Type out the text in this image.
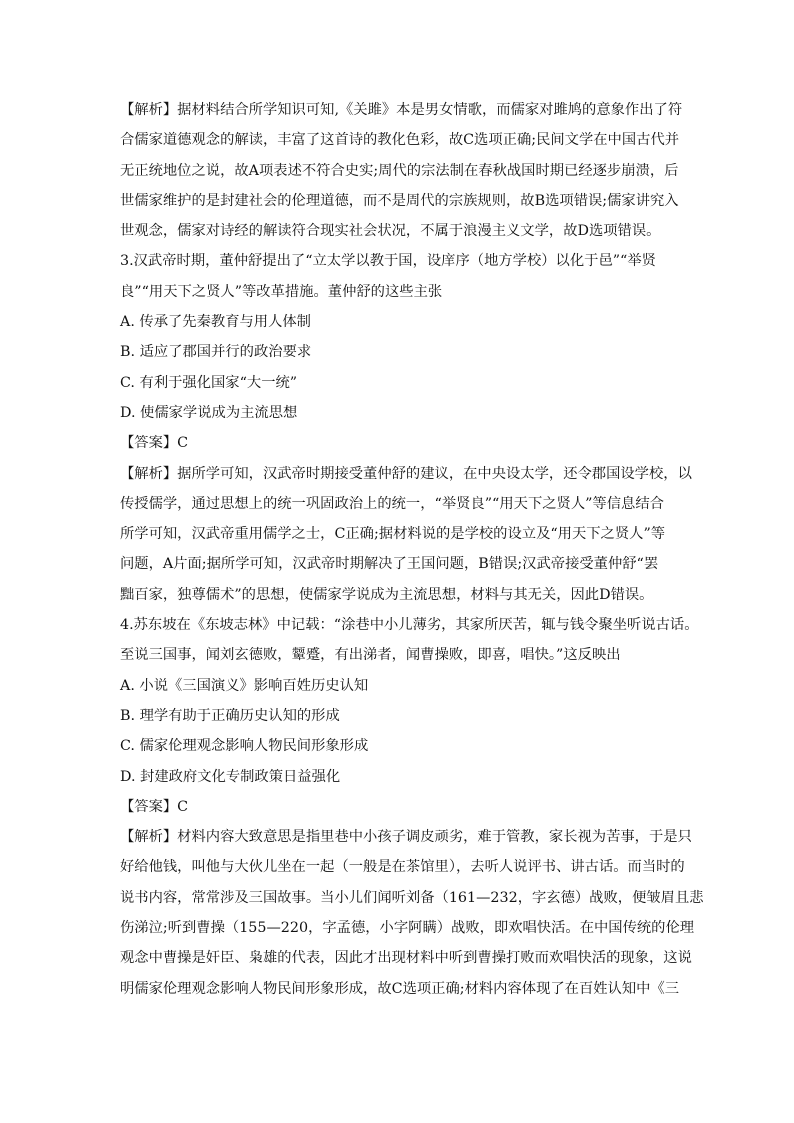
【解析】据材料结合所学知识可知,《关雎》本是男女情歌，而儒家对雎鸠的意象作出了符
合儒家道德观念的解读，丰富了这首诗的教化色彩，故C选项正确;民间文学在中国古代并
无正统地位之说，故A项表述不符合史实;周代的宗法制在春秋战国时期已经逐步崩溃，后
世儒家维护的是封建社会的伦理道德，而不是周代的宗族规则，故B选项错误;儒家讲究入
世观念，儒家对诗经的解读符合现实社会状况，不属于浪漫主义文学，故D选项错误。
3.汉武帝时期，董仲舒提出了“立太学以教于国，设庠序（地方学校）以化于邑”“举贤
良”“用天下之贤人”等改革措施。董仲舒的这些主张
A. 传承了先秦教育与用人体制
B. 适应了郡国并行的政治要求
C. 有利于强化国家“大一统”
D. 使儒家学说成为主流思想
【答案】C
【解析】据所学可知，汉武帝时期接受董仲舒的建议，在中央设太学，还令郡国设学校，以
传授儒学，通过思想上的统一巩固政治上的统一，“举贤良”“用天下之贤人”等信息结合
所学可知，汉武帝重用儒学之士，C正确;据材料说的是学校的设立及“用天下之贤人”等
问题，A片面;据所学可知，汉武帝时期解决了王国问题，B错误;汉武帝接受董仲舒“罢
黜百家，独尊儒术”的思想，使儒家学说成为主流思想，材料与其无关，因此D错误。
4.苏东坡在《东坡志林》中记载：“涂巷中小儿薄劣，其家所厌苦，辄与钱令聚坐听说古话。
至说三国事，闻刘玄德败，颦蹙，有出涕者，闻曹操败，即喜，唱快。”这反映出
A. 小说《三国演义》影响百姓历史认知
B. 理学有助于正确历史认知的形成
C. 儒家伦理观念影响人物民间形象形成
D. 封建政府文化专制政策日益强化
【答案】C
【解析】材料内容大致意思是指里巷中小孩子调皮顽劣，难于管教，家长视为苦事，于是只
好给他钱，叫他与大伙儿坐在一起（一般是在茶馆里），去听人说评书、讲古话。而当时的
说书内容，常常涉及三国故事。当小儿们闻听刘备（161—232，字玄德）战败，便皱眉且悲
伤涕泣;听到曹操（155—220，字孟德，小字阿瞒）战败，即欢唱快活。在中国传统的伦理
观念中曹操是奸臣、枭雄的代表，因此才出现材料中听到曹操打败而欢唱快活的现象，这说
明儒家伦理观念影响人物民间形象形成，故C选项正确;材料内容体现了在百姓认知中《三
